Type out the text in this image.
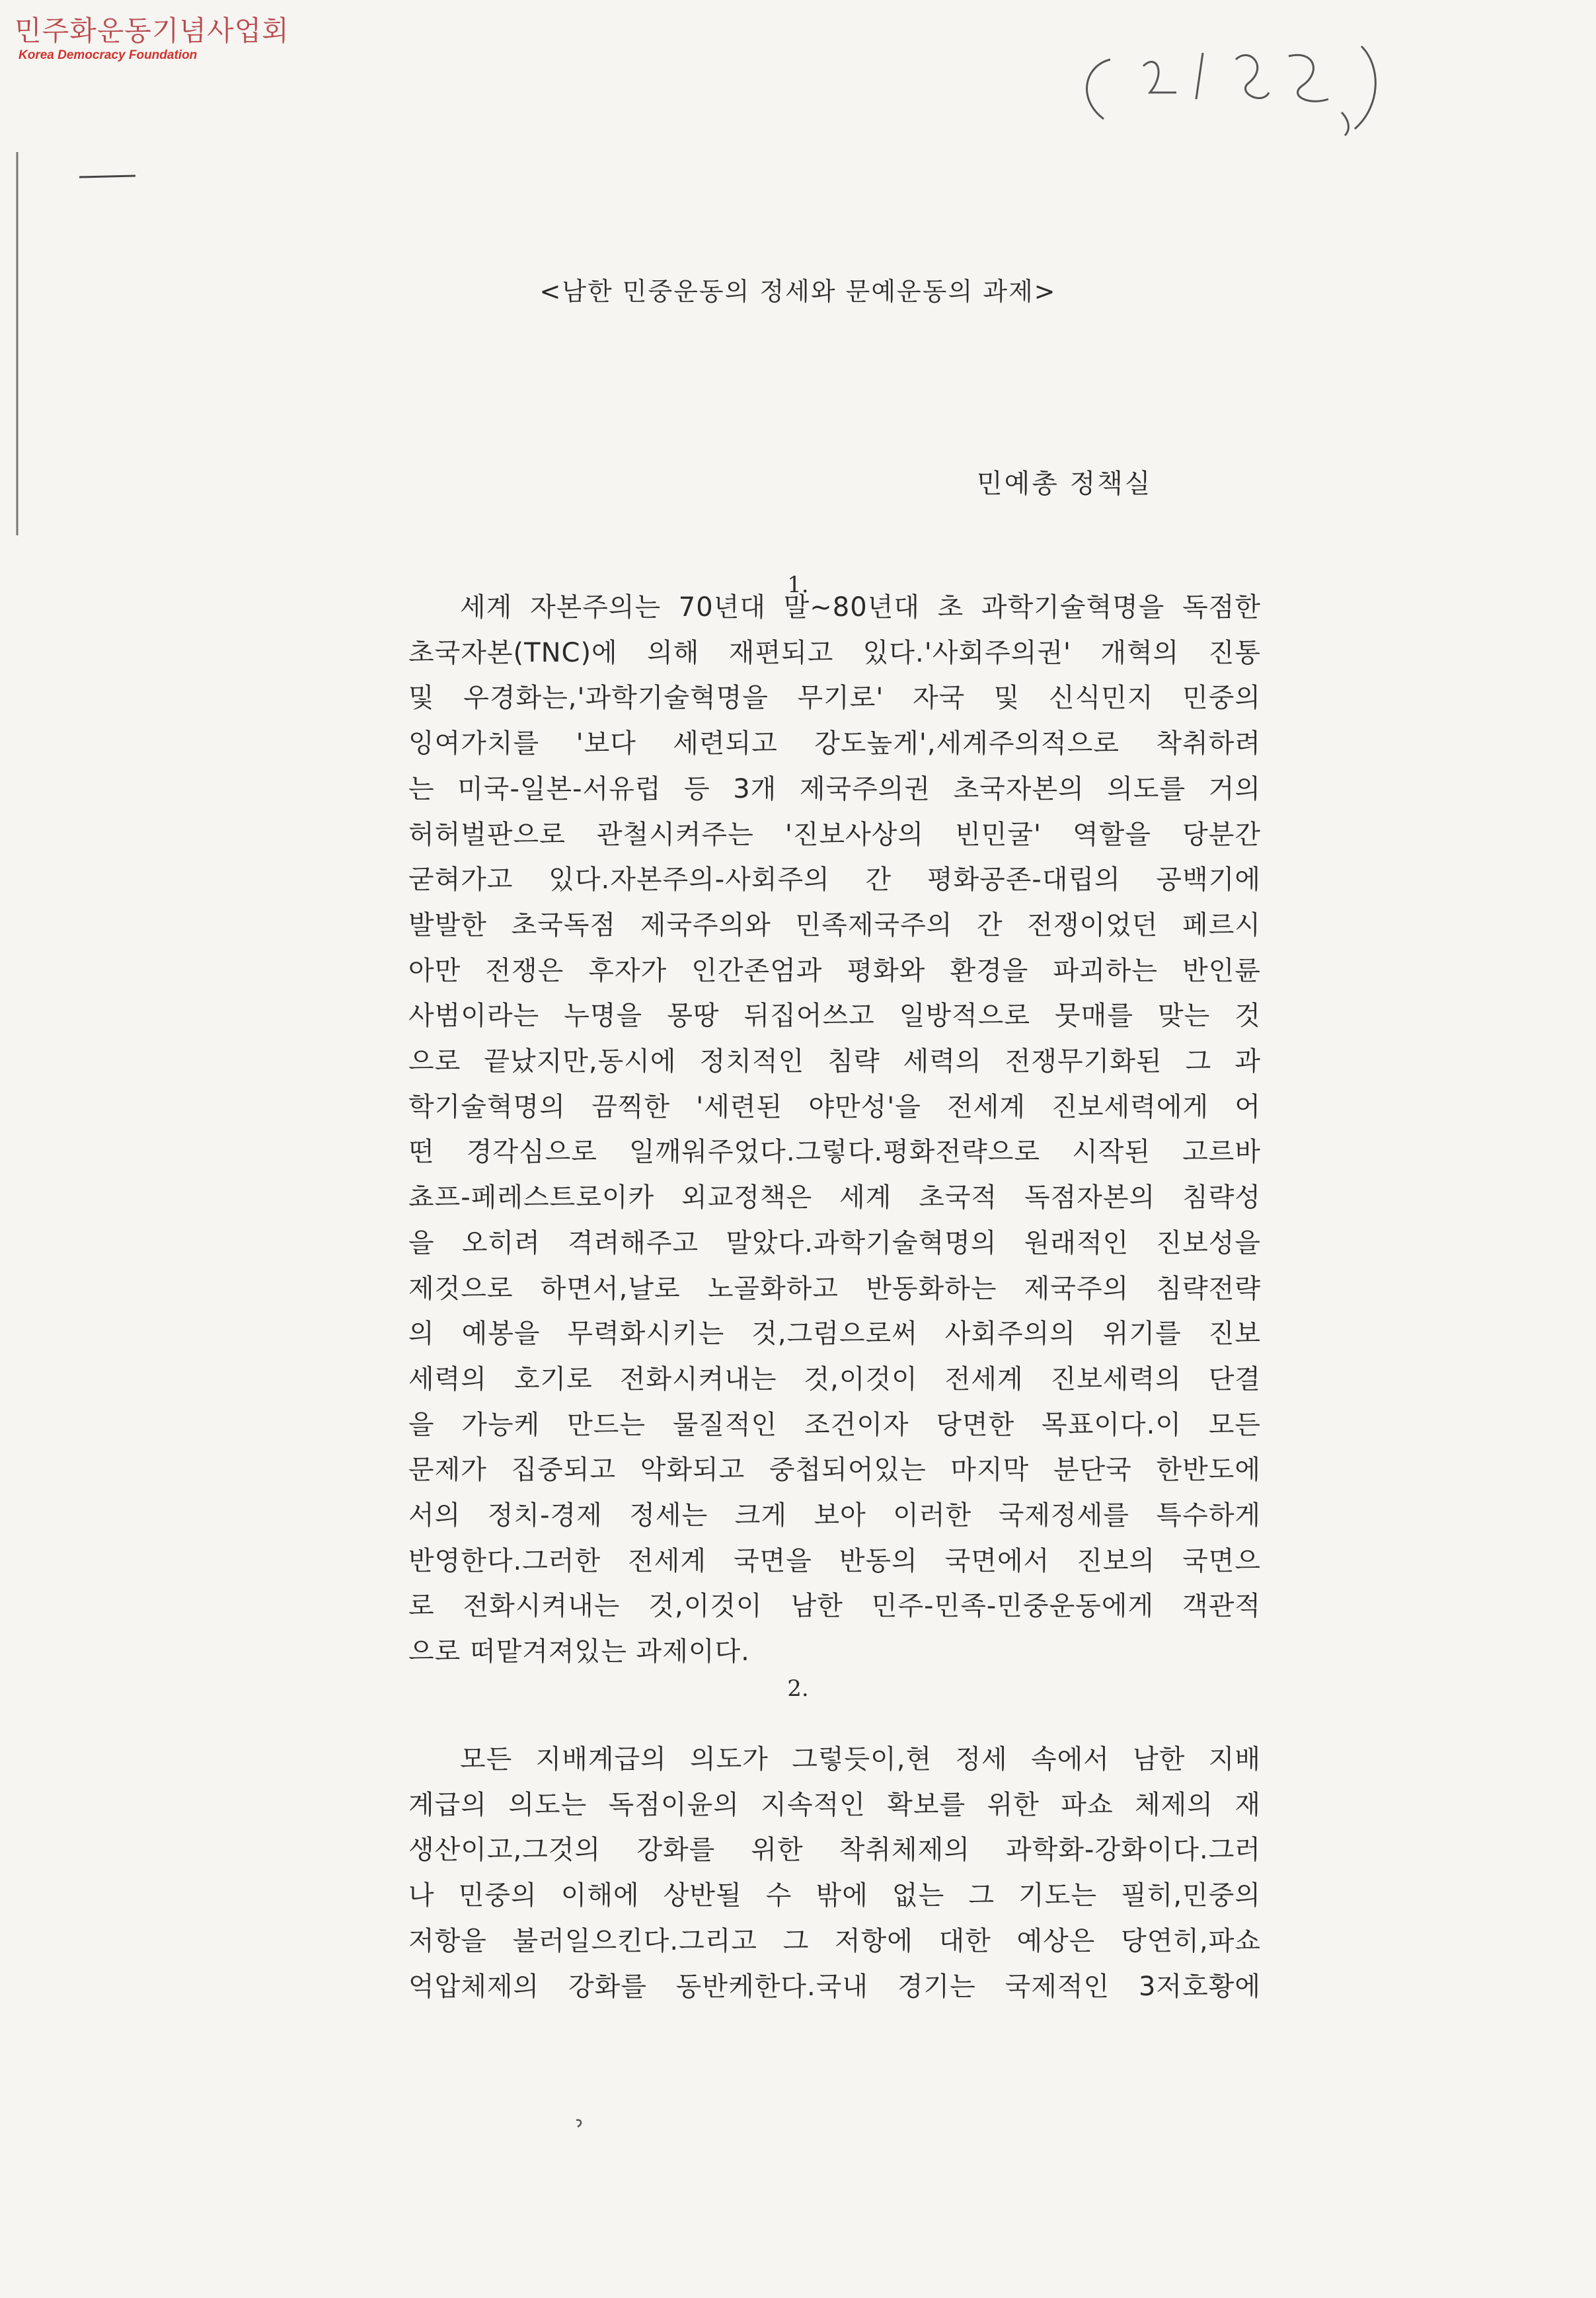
민주화운동기념사업회
Korea Democracy Foundation
<남한 민중운동의 정세와 문예운동의 과제>
민예총 정책실
1.
세계 자본주의는 70년대 말~80년대 초 과학기술혁명을 독점한
초국자본(TNC)에 의해 재편되고 있다.'사회주의권' 개혁의 진통
및 우경화는,'과학기술혁명을 무기로' 자국 및 신식민지 민중의
잉여가치를 '보다 세련되고 강도높게',세계주의적으로 착취하려
는 미국-일본-서유럽 등 3개 제국주의권 초국자본의 의도를 거의
허허벌판으로 관철시켜주는 '진보사상의 빈민굴' 역할을 당분간
굳혀가고 있다.자본주의-사회주의 간 평화공존-대립의 공백기에
발발한 초국독점 제국주의와 민족제국주의 간 전쟁이었던 페르시
아만 전쟁은 후자가 인간존엄과 평화와 환경을 파괴하는 반인륜
사범이라는 누명을 몽땅 뒤집어쓰고 일방적으로 뭇매를 맞는 것
으로 끝났지만,동시에 정치적인 침략 세력의 전쟁무기화된 그 과
학기술혁명의 끔찍한 '세련된 야만성'을 전세계 진보세력에게 어
떤 경각심으로 일깨워주었다.그렇다.평화전략으로 시작된 고르바
쵸프-페레스트로이카 외교정책은 세계 초국적 독점자본의 침략성
을 오히려 격려해주고 말았다.과학기술혁명의 원래적인 진보성을
제것으로 하면서,날로 노골화하고 반동화하는 제국주의 침략전략
의 예봉을 무력화시키는 것,그럼으로써 사회주의의 위기를 진보
세력의 호기로 전화시켜내는 것,이것이 전세계 진보세력의 단결
을 가능케 만드는 물질적인 조건이자 당면한 목표이다.이 모든
문제가 집중되고 악화되고 중첩되어있는 마지막 분단국 한반도에
서의 정치-경제 정세는 크게 보아 이러한 국제정세를 특수하게
반영한다.그러한 전세계 국면을 반동의 국면에서 진보의 국면으
로 전화시켜내는 것,이것이 남한 민주-민족-민중운동에게 객관적
으로 떠맡겨져있는 과제이다.
2.
모든 지배계급의 의도가 그렇듯이,현 정세 속에서 남한 지배
계급의 의도는 독점이윤의 지속적인 확보를 위한 파쇼 체제의 재
생산이고,그것의 강화를 위한 착취체제의 과학화-강화이다.그러
나 민중의 이해에 상반될 수 밖에 없는 그 기도는 필히,민중의
저항을 불러일으킨다.그리고 그 저항에 대한 예상은 당연히,파쇼
억압체제의 강화를 동반케한다.국내 경기는 국제적인 3저호황에
